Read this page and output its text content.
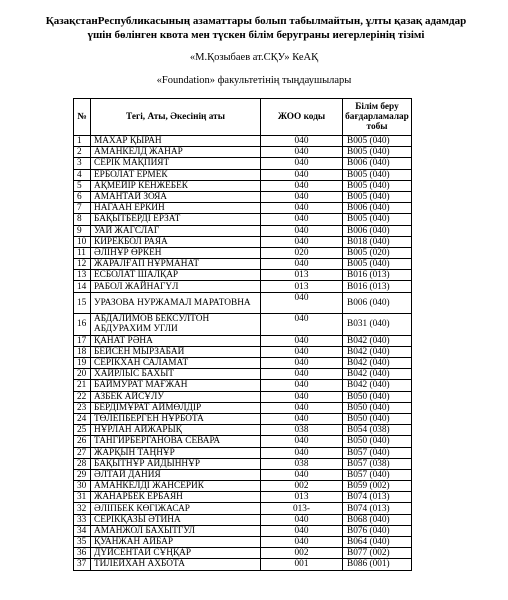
ҚазақстанРеспубликасының азаматтары болып табылмайтын, ұлты қазақ адамдар
үшін бөлінген квота мен түскен білім беруграны иегерлерінің тізімі
«М.Қозыбаев ат.СҚУ» КеАҚ
«Foundation» факультетінің тыңдаушылары
№	Тегі, Аты, Әкесінің аты	ЖОО коды	Білім беру бағдарламалар тобы
1	МАХАР ҚЫРАН	040	B005 (040)
2	АМАНКЕЛД ЖАНАР	040	B005 (040)
3	СЕРІК МАҚПИЯТ	040	B006 (040)
4	ЕРБОЛАТ ЕРМЕК	040	B005 (040)
5	АҚМЕЙІР КЕНЖЕБЕК	040	B005 (040)
6	АМАНТАЙ ЗОЯА	040	B005 (040)
7	НАГААН ЕРКИН	040	B006 (040)
8	БАҚЫТБЕРДІ ЕРЗАТ	040	B005 (040)
9	УАЙ ЖАГСЛАГ	040	B006 (040)
10	КИРЕКБОЛ РАЯА	040	B018 (040)
11	ӘЛІНҰР ӨРКЕН	020	B005 (020)
12	ЖАРАЛҒАП НҰРМАНАТ	040	B005 (040)
13	ЕСБОЛАТ ШАЛҚАР	013	B016 (013)
14	РАБОЛ ЖАЙНАГҮЛ	013	B016 (013)
15	УРАЗОВА НУРЖАМАЛ МАРАТОВНА	040	B006 (040)
16	АБДАЛИМОВ БЕКСУЛТОН АБДУРАХИМ УГЛИ	040	B031 (040)
17	ҚАНАТ РӘНА	040	B042 (040)
18	БЕЙСЕН МЫРЗАБАЙ	040	B042 (040)
19	СЕРІКХАН САЛАМАТ	040	B042 (040)
20	ХАЙРЛЫС БАХЫТ	040	B042 (040)
21	БАЙМУРАТ МАҒЖАН	040	B042 (040)
22	АЗБЕК АЙСҰЛУ	040	B050 (040)
23	БЕРДІМҰРАТ АЙМӨЛДІР	040	B050 (040)
24	ТӨЛЕПБЕРГЕН НҰРБОТА	040	B050 (040)
25	НҰРЛАН АЙЖАРЫҚ	038	B054 (038)
26	ТАНГИРБЕРГАНОВА СЕВАРА	040	B050 (040)
27	ЖАРҚЫН ТАҢНҰР	040	B057 (040)
28	БАҚЫТНҰР АЙДЫННҰР	038	B057 (038)
29	ӘЛТАЙ ДАНИЯ	040	B057 (040)
30	АМАНКЕЛДІ ЖАНСЕРИК	002	B059 (002)
31	ЖАНАРБЕК ЕРБАЯН	013	B074 (013)
32	ӘЛІПБЕК КӨГІЖАСАР	013-	B074 (013)
33	СЕРІКҚАЗЫ ӘТИНА	040	B068 (040)
34	АМАНЖОЛ БАХЫТГУЛ	040	B076 (040)
35	ҚУАНЖАН АЙБАР	040	B064 (040)
36	ДҮЙСЕНТАЙ СҰҢҚАР	002	B077 (002)
37	ТИЛЕЙХАН АХБОТА	001	B086 (001)
